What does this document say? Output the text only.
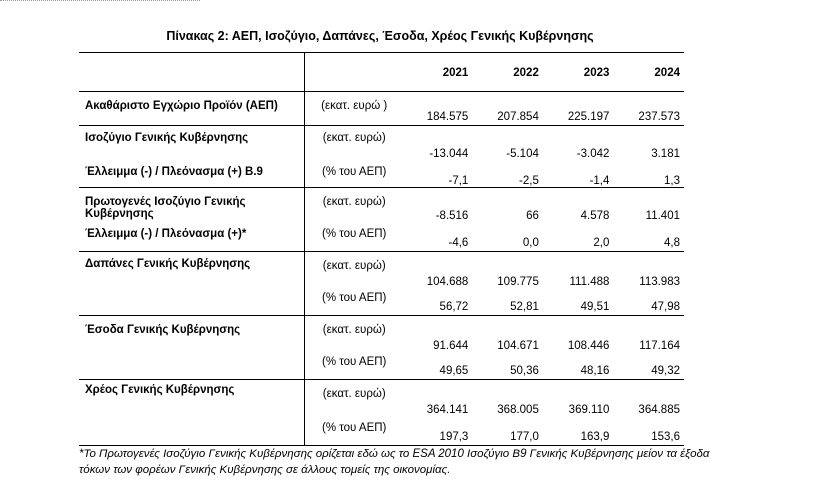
Πίνακας 2: ΑΕΠ, Ισοζύγιο, Δαπάνες, Έσοδα, Χρέος Γενικής Κυβέρνησης
		2021	2022	2023	2024
Ακαθάριστο Εγχώριο Προϊόν (ΑΕΠ)	(εκατ. ευρώ )	184.575	207.854	225.197	237.573
Ισοζύγιο Γενικής Κυβέρνησης	(εκατ. ευρώ)	-13.044	-5.104	-3.042	3.181
Έλλειμμα (-) / Πλεόνασμα (+) Β.9	(% του ΑΕΠ)	-7,1	-2,5	-1,4	1,3
Πρωτογενές Ισοζύγιο Γενικής Κυβέρνησης	(εκατ. ευρώ)	-8.516	66	4.578	11.401
Έλλειμμα (-) / Πλεόνασμα (+)*	(% του ΑΕΠ)	-4,6	0,0	2,0	4,8
Δαπάνες Γενικής Κυβέρνησης	(εκατ. ευρώ)	104.688	109.775	111.488	113.983
	(% του ΑΕΠ)	56,72	52,81	49,51	47,98
Έσοδα Γενικής Κυβέρνησης	(εκατ. ευρώ)	91.644	104.671	108.446	117.164
	(% του ΑΕΠ)	49,65	50,36	48,16	49,32
Χρέος Γενικής Κυβέρνησης	(εκατ. ευρώ)	364.141	368.005	369.110	364.885
	(% του ΑΕΠ)	197,3	177,0	163,9	153,6
*Το Πρωτογενές Ισοζύγιο Γενικής Κυβέρνησης ορίζεται εδώ ως το ESA 2010 Ισοζύγιο Β9 Γενικής Κυβέρνησης μείον τα έξοδα τόκων των φορέων Γενικής Κυβέρνησης σε άλλους τομείς της οικονομίας.
